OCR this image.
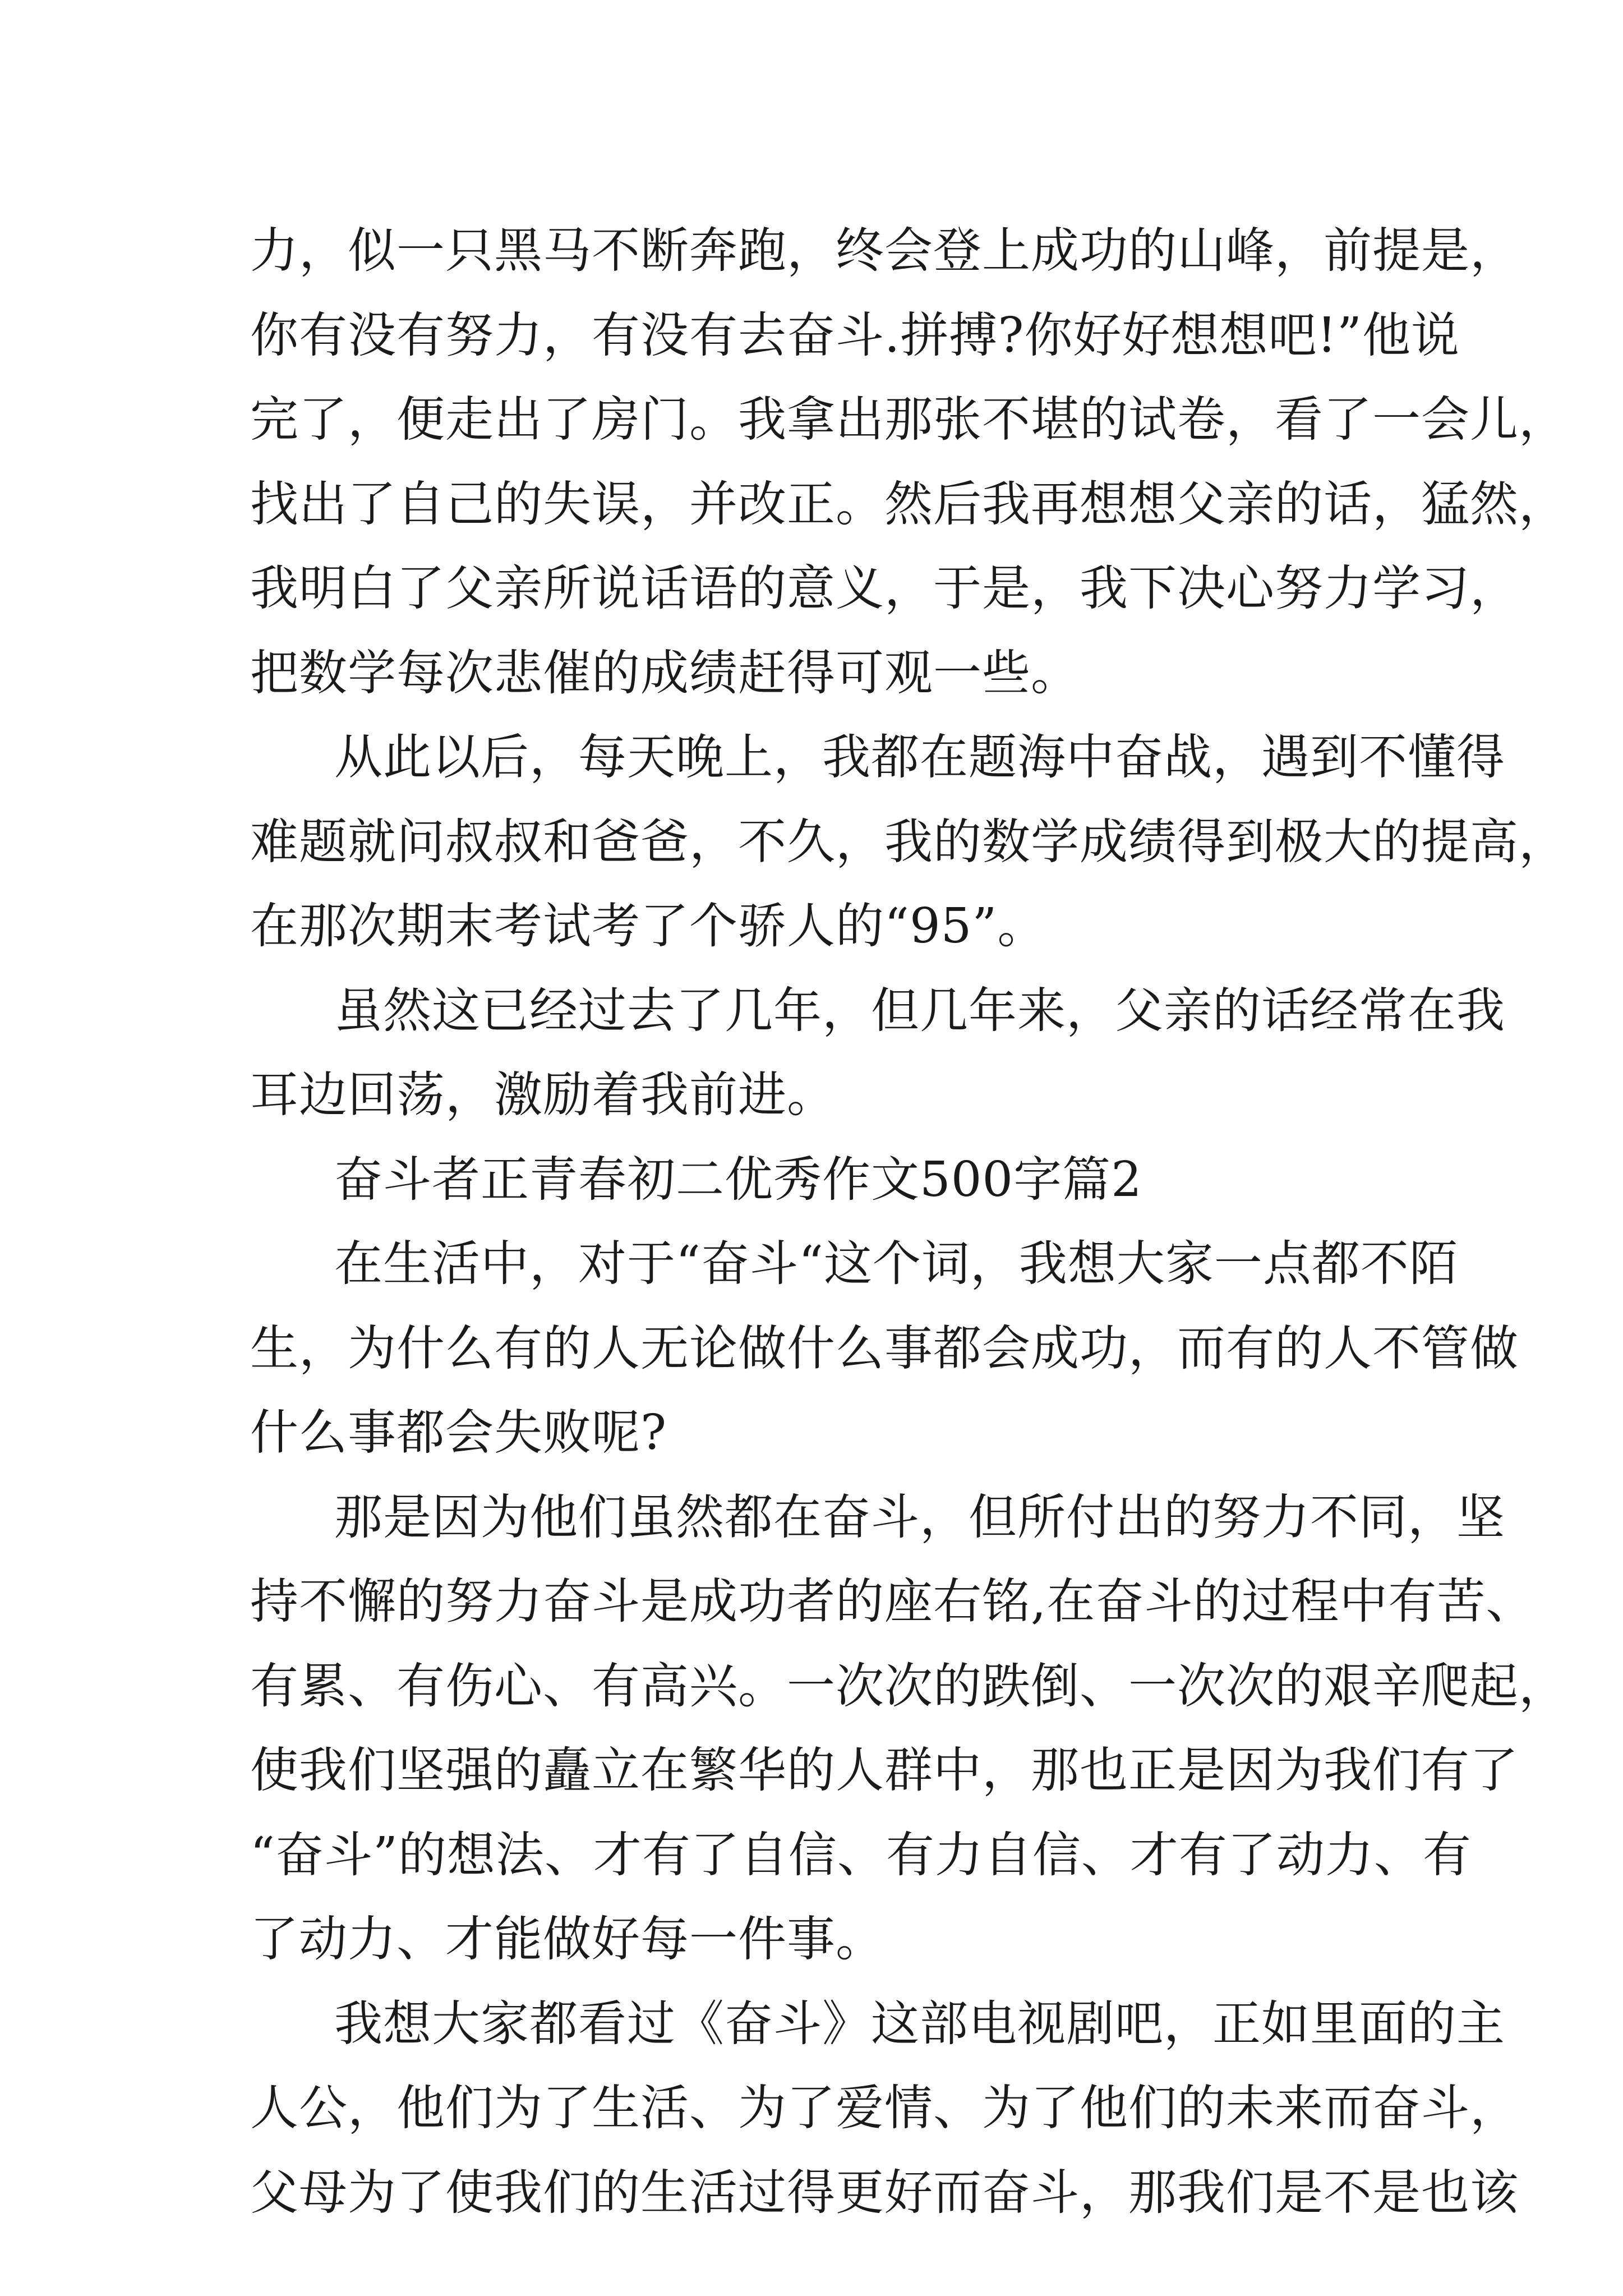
力，似一只黑马不断奔跑，终会登上成功的山峰，前提是，
你有没有努力，有没有去奋斗.拼搏?你好好想想吧!”他说
完了，便走出了房门。我拿出那张不堪的试卷，看了一会儿，
找出了自己的失误，并改正。然后我再想想父亲的话，猛然，
我明白了父亲所说话语的意义，于是，我下决心努力学习，
把数学每次悲催的成绩赶得可观一些。
从此以后，每天晚上，我都在题海中奋战，遇到不懂得
难题就问叔叔和爸爸，不久，我的数学成绩得到极大的提高，
在那次期末考试考了个骄人的“95”。
虽然这已经过去了几年，但几年来，父亲的话经常在我
耳边回荡，激励着我前进。
奋斗者正青春初二优秀作文500字篇2
在生活中，对于“奋斗“这个词，我想大家一点都不陌
生，为什么有的人无论做什么事都会成功，而有的人不管做
什么事都会失败呢?
那是因为他们虽然都在奋斗，但所付出的努力不同，坚
持不懈的努力奋斗是成功者的座右铭,在奋斗的过程中有苦、
有累、有伤心、有高兴。一次次的跌倒、一次次的艰辛爬起，
使我们坚强的矗立在繁华的人群中，那也正是因为我们有了
“奋斗”的想法、才有了自信、有力自信、才有了动力、有
了动力、才能做好每一件事。
我想大家都看过《奋斗》这部电视剧吧，正如里面的主
人公，他们为了生活、为了爱情、为了他们的未来而奋斗，
父母为了使我们的生活过得更好而奋斗，那我们是不是也该
